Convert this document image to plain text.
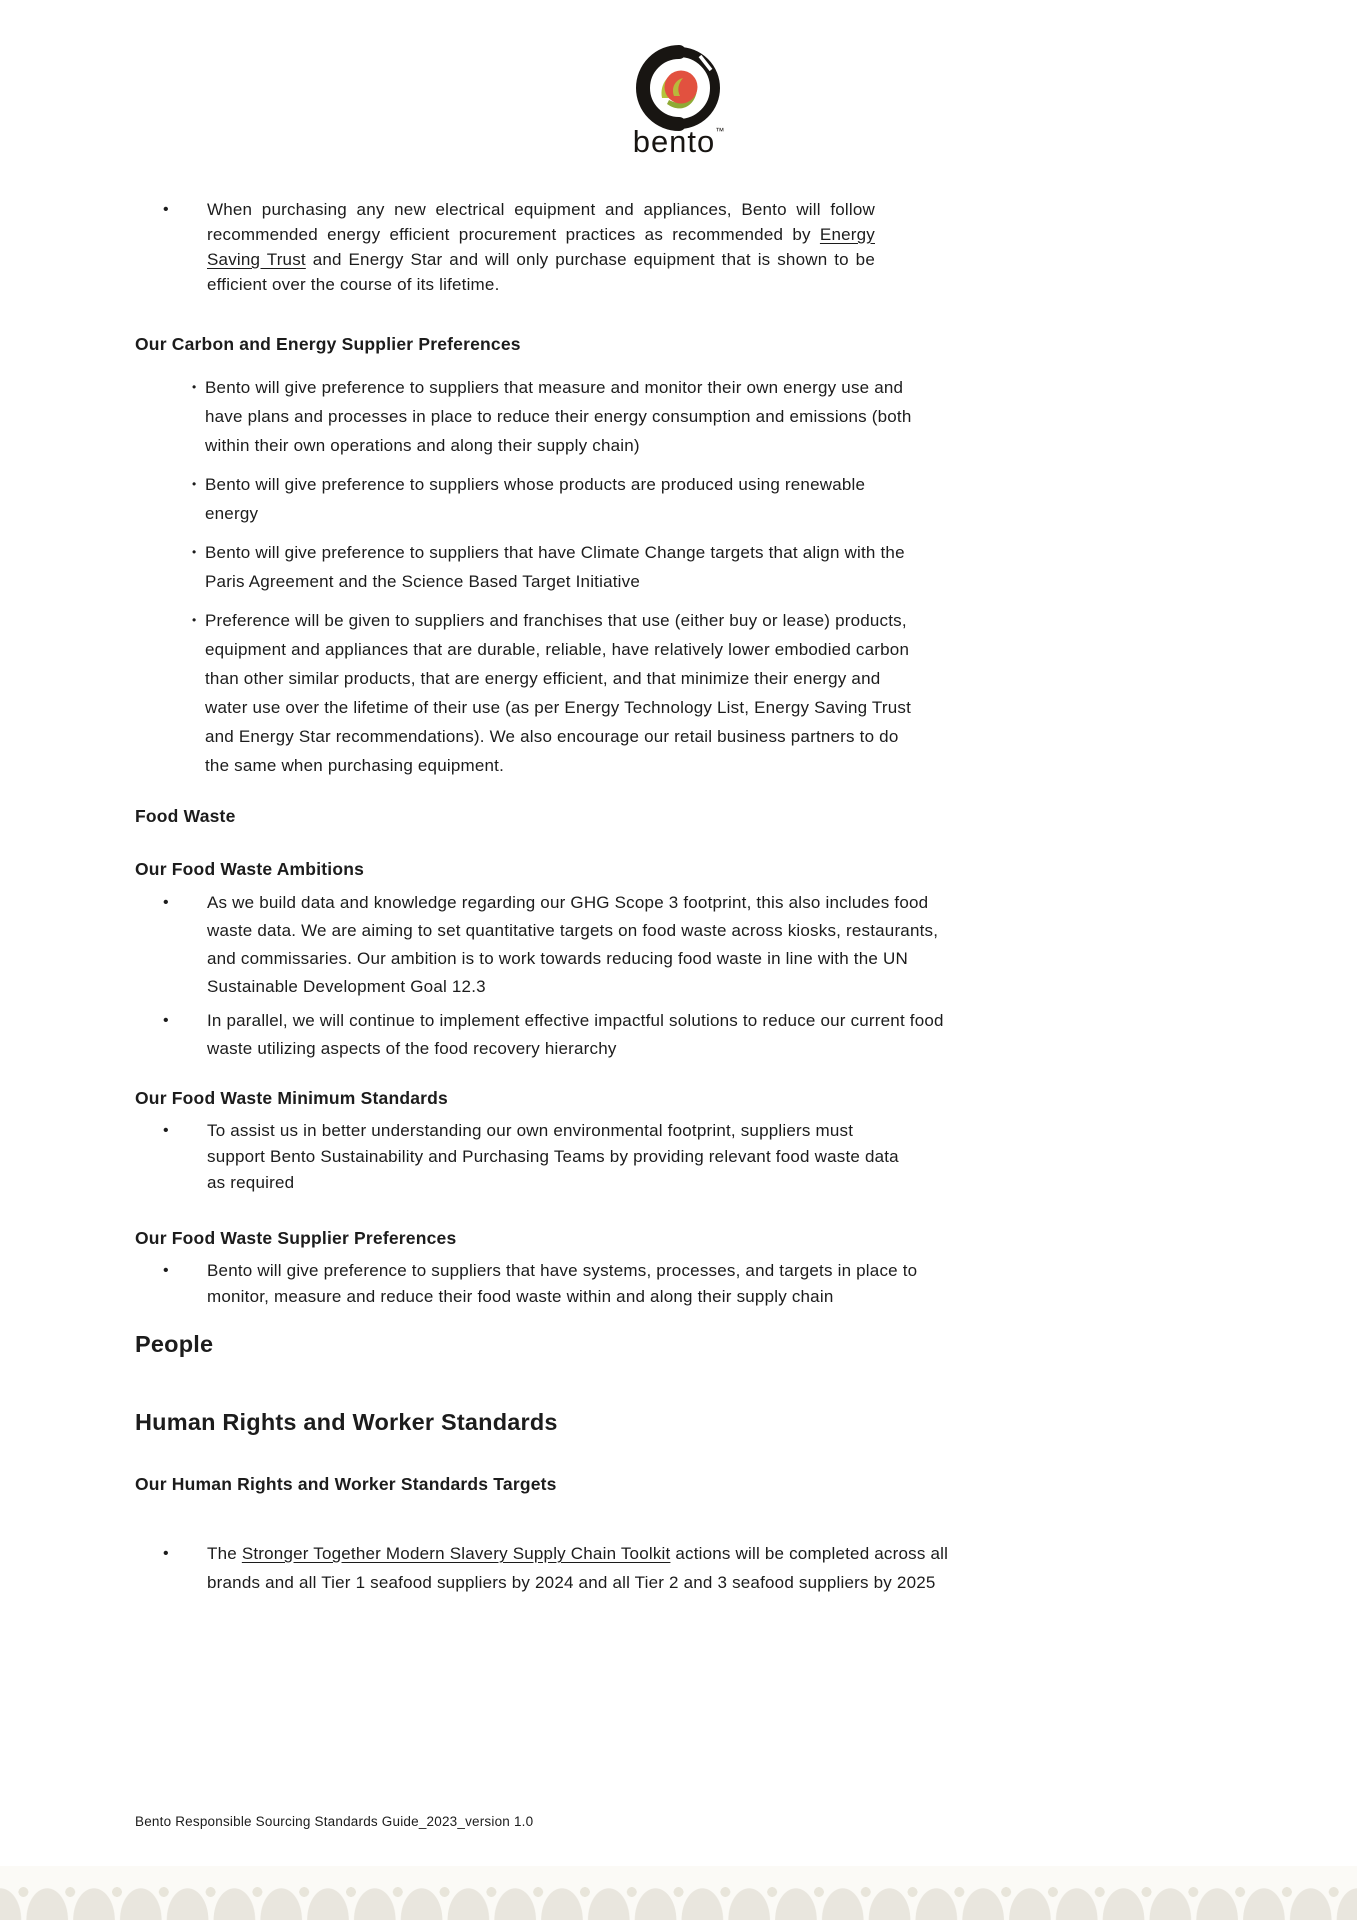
bento™
•	When purchasing any new electrical equipment and appliances, Bento will follow recommended energy efficient procurement practices as recommended by Energy Saving Trust and Energy Star and will only purchase equipment that is shown to be efficient over the course of its lifetime.
Our Carbon and Energy Supplier Preferences
• Bento will give preference to suppliers that measure and monitor their own energy use and have plans and processes in place to reduce their energy consumption and emissions (both within their own operations and along their supply chain)
• Bento will give preference to suppliers whose products are produced using renewable energy
• Bento will give preference to suppliers that have Climate Change targets that align with the Paris Agreement and the Science Based Target Initiative
• Preference will be given to suppliers and franchises that use (either buy or lease) products, equipment and appliances that are durable, reliable, have relatively lower embodied carbon than other similar products, that are energy efficient, and that minimize their energy and water use over the lifetime of their use (as per Energy Technology List, Energy Saving Trust and Energy Star recommendations). We also encourage our retail business partners to do the same when purchasing equipment.
Food Waste
Our Food Waste Ambitions
•	As we build data and knowledge regarding our GHG Scope 3 footprint, this also includes food waste data. We are aiming to set quantitative targets on food waste across kiosks, restaurants, and commissaries. Our ambition is to work towards reducing food waste in line with the UN Sustainable Development Goal 12.3
•	In parallel, we will continue to implement effective impactful solutions to reduce our current food waste utilizing aspects of the food recovery hierarchy
Our Food Waste Minimum Standards
•	To assist us in better understanding our own environmental footprint, suppliers must support Bento Sustainability and Purchasing Teams by providing relevant food waste data as required
Our Food Waste Supplier Preferences
•	Bento will give preference to suppliers that have systems, processes, and targets in place to monitor, measure and reduce their food waste within and along their supply chain
People
Human Rights and Worker Standards
Our Human Rights and Worker Standards Targets
•	The Stronger Together Modern Slavery Supply Chain Toolkit actions will be completed across all brands and all Tier 1 seafood suppliers by 2024 and all Tier 2 and 3 seafood suppliers by 2025
Bento Responsible Sourcing Standards Guide_2023_version 1.0
